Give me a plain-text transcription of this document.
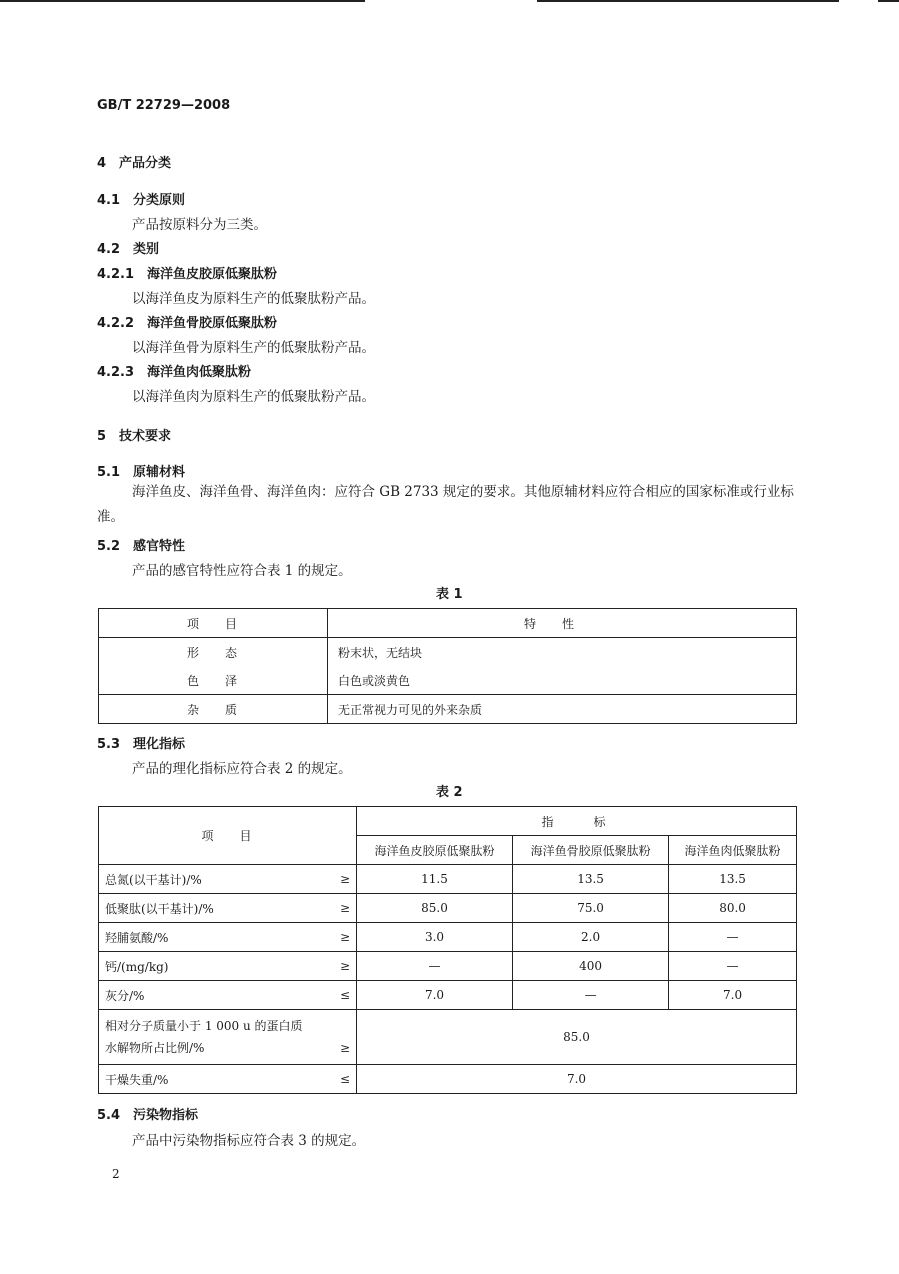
GB/T 22729—2008
4　产品分类
4.1　分类原则
产品按原料分为三类。
4.2　类别
4.2.1　海洋鱼皮胶原低聚肽粉
以海洋鱼皮为原料生产的低聚肽粉产品。
4.2.2　海洋鱼骨胶原低聚肽粉
以海洋鱼骨为原料生产的低聚肽粉产品。
4.2.3　海洋鱼肉低聚肽粉
以海洋鱼肉为原料生产的低聚肽粉产品。
5　技术要求
5.1　原辅材料
海洋鱼皮、海洋鱼骨、海洋鱼肉：应符合 GB 2733 规定的要求。其他原辅材料应符合相应的国家标准或行业标准。
5.2　感官特性
产品的感官特性应符合表 1 的规定。
表 1
项目	特性
形态	粉末状，无结块
色泽	白色或淡黄色
杂质	无正常视力可见的外来杂质
5.3　理化指标
产品的理化指标应符合表 2 的规定。
表 2
项目	指标		
	海洋鱼皮胶原低聚肽粉	海洋鱼骨胶原低聚肽粉	海洋鱼肉低聚肽粉
总氮(以干基计)/% ≥	11.5	13.5	13.5
低聚肽(以干基计)/% ≥	85.0	75.0	80.0
羟脯氨酸/% ≥	3.0	2.0	—
钙/(mg/kg) ≥	—	400	—
灰分/% ≤	7.0	—	7.0
相对分子质量小于 1 000 u 的蛋白质
水解物所占比例/% ≥	85.0		
干燥失重/% ≤	7.0		
5.4　污染物指标
产品中污染物指标应符合表 3 的规定。
2
